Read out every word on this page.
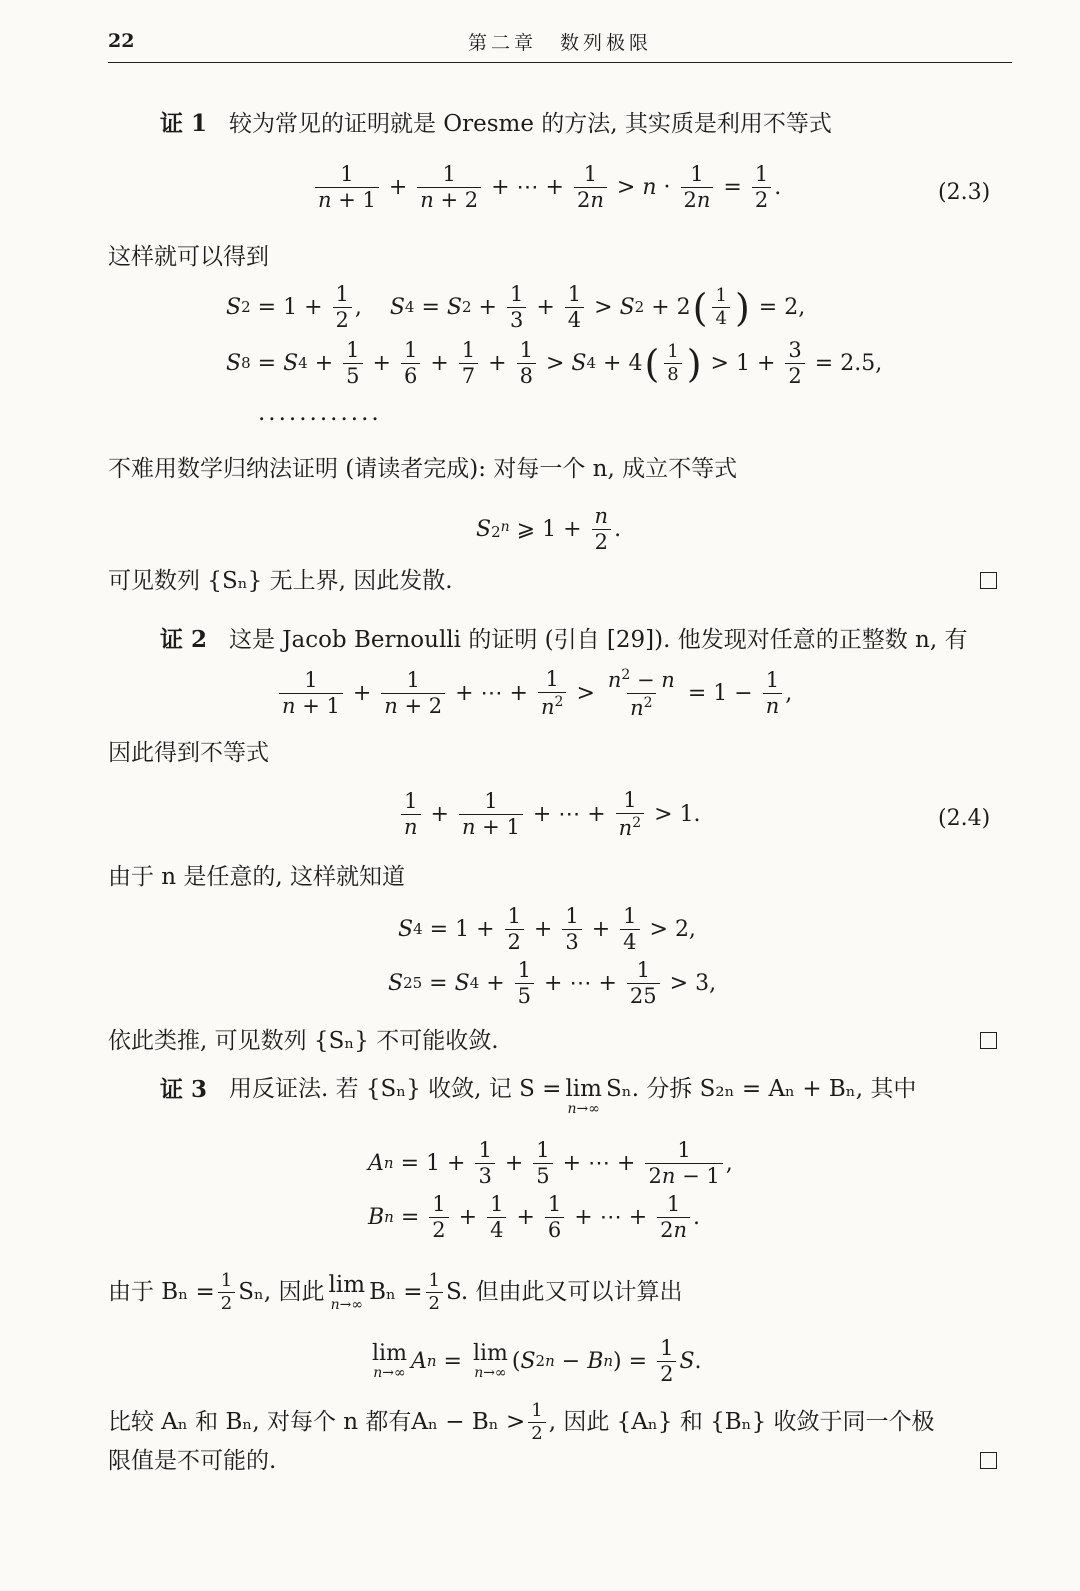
22	第二章　数列极限
证 1 较为常见的证明就是 Oresme 的方法, 其实质是利用不等式
$\frac{1}{n + 1} + \frac{1}{n + 2}$ + ⋯ + $\frac{1}{2n} > n \cdot \frac{1}{2n} = \frac{1}{2}$ .	(2.3)
这样就可以得到
S $2 = 1 + \frac{1}{2}$ , S 4 = S $2 + \frac{1}{3} + \frac{1}{4} > S$ 2 + 2 ( $\frac{1}{4}$ ) = 2,
S 8 = S $4 + \frac{1}{5} + \frac{1}{6} + \frac{1}{7} + \frac{1}{8} > S$ 4 + 4 ( $\frac{1}{8}$ ) > $1 + \frac{3}{2} = 2.5$,
............
不难用数学归纳法证明 (请读者完成): 对每一个 n, 成立不等式
S 2$^n$ ⩾ $1 + \frac{n}{2}$ .
可见数列 {Sₙ} 无上界, 因此发散.
证 2 这是 Jacob Bernoulli 的证明 (引自 [29]). 他发现对任意的正整数 n, 有
$\frac{1}{n + 1} + \frac{1}{n + 2}$ + ⋯ + $\frac{1}{n^2} > \frac{n^2 - n}{n^2} = 1 - \frac{1}{n}$ ,
因此得到不等式
$\frac{1}{n} + \frac{1}{n + 1}$ + ⋯ + $\frac{1}{n^2} > 1$.	(2.4)
由于 n 是任意的, 这样就知道
S $4 = 1 + \frac{1}{2} + \frac{1}{3} + \frac{1}{4} > 2$,
S 25 = S $4 + \frac{1}{5}$ + ⋯ + $\frac{1}{25} > 3$,
依此类推, 可见数列 {Sₙ} 不可能收敛.
证 3
用反证法. 若 {Sₙ} 收敛, 记 S = lim
n→∞
Sₙ. 分拆 S₂ₙ = Aₙ + Bₙ, 其中
A $n = 1 + \frac{1}{3} + \frac{1}{5}$ + ⋯ + $\frac{1}{2n - 1}$ ,
B $n = \frac{1}{2} + \frac{1}{4} + \frac{1}{6}$ + ⋯ + $\frac{1}{2n}$ .
由于 $B_n = \frac{1}{2} S_n$, 因此 lim
n→∞ $B_n = \frac{1}{2} S$. 但由此又可以计算出
lim
n→∞ A n = lim
n→∞ ( S 2n − B n ) = $\frac{1}{2}$ S .
比较 Aₙ 和 Bₙ, 对每个 n 都有$A_n - B_n > \frac{1}{2}$ , 因此 {Aₙ} 和 {Bₙ} 收敛于同一个极
限值是不可能的.
